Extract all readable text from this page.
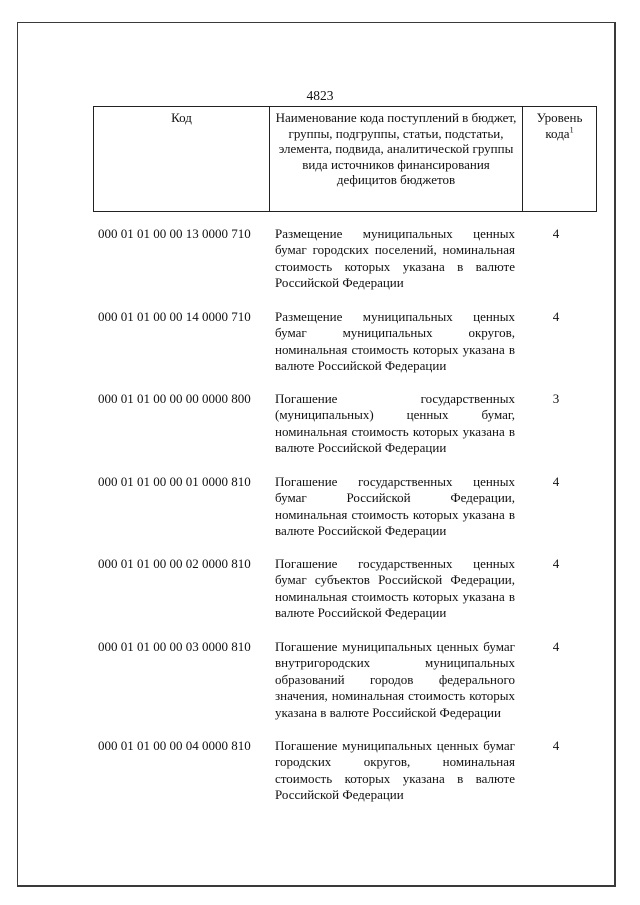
4823
Код	Наименование кода поступлений в бюджет, группы, подгруппы, статьи, подстатьи, элемента, подвида, аналитической группы вида источников финансирования дефицитов бюджетов
Уровень кода$^1$
000 01 01 00 00 13 0000 710 Размещение муниципальных ценных бумаг городских поселений, номинальная стоимость которых указана в валюте Российской Федерации
4
000 01 01 00 00 14 0000 710 Размещение муниципальных ценных бумаг муниципальных округов, номинальная стоимость которых указана в валюте Российской Федерации
4
000 01 01 00 00 00 0000 800 Погашение государственных (муниципальных) ценных бумаг, номинальная стоимость которых указана в валюте Российской Федерации
3
000 01 01 00 00 01 0000 810 Погашение государственных ценных бумаг Российской Федерации, номинальная стоимость которых указана в валюте Российской Федерации
4
000 01 01 00 00 02 0000 810 Погашение государственных ценных бумаг субъектов Российской Федерации, номинальная стоимость которых указана в валюте Российской Федерации
4
000 01 01 00 00 03 0000 810 Погашение муниципальных ценных бумаг внутригородских муниципальных образований городов федерального значения, номинальная стоимость которых указана в валюте Российской Федерации
4
000 01 01 00 00 04 0000 810 Погашение муниципальных ценных бумаг городских округов, номинальная стоимость которых указана в валюте Российской Федерации
4
